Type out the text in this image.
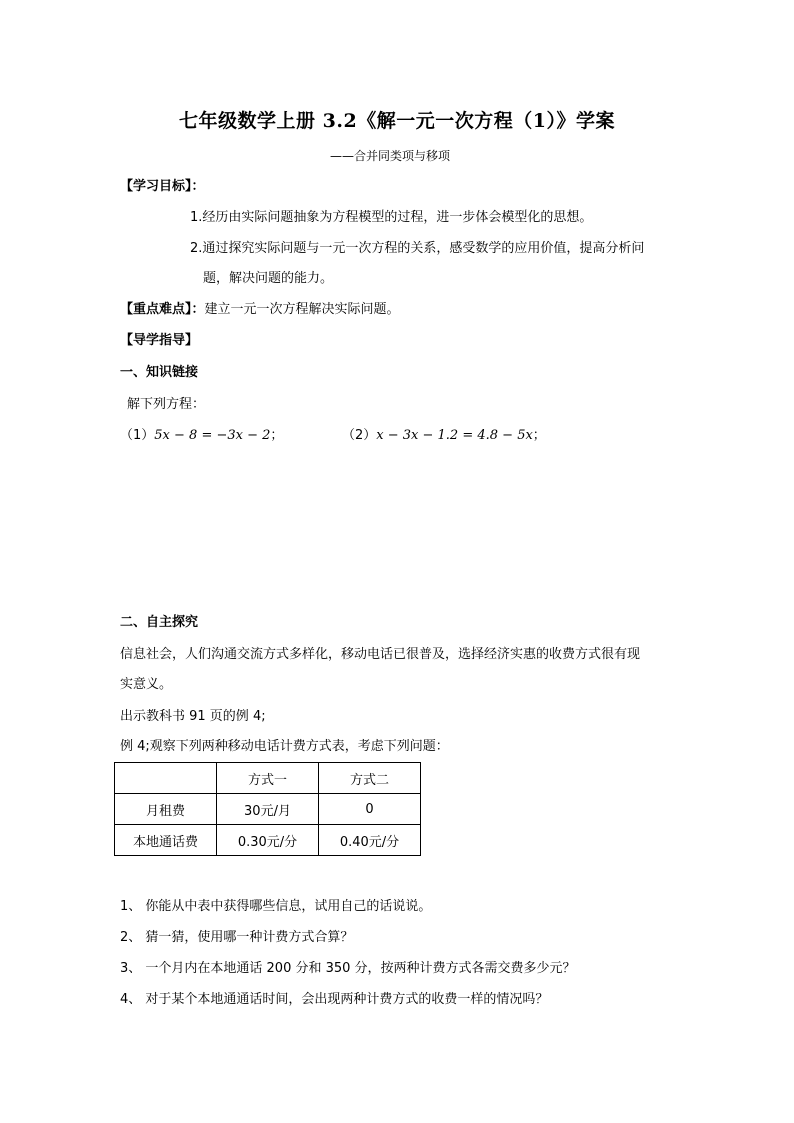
七年级数学上册 3.2《解一元一次方程（1）》学案
——合并同类项与移项
【学习目标】：
1.经历由实际问题抽象为方程模型的过程，进一步体会模型化的思想。
2.通过探究实际问题与一元一次方程的关系，感受数学的应用价值，提高分析问
题，解决问题的能力。
【重点难点】：建立一元一次方程解决实际问题。
【导学指导】
一、知识链接
解下列方程：
（1）5x − 8 = −3x − 2；	（2）x − 3x − 1.2 = 4.8 − 5x；
二、自主探究
信息社会，人们沟通交流方式多样化，移动电话已很普及，选择经济实惠的收费方式很有现
实意义。
出示教科书 91 页的例 4;
例 4;观察下列两种移动电话计费方式表，考虑下列问题：
	方式一	方式二
月租费	30元/月	0
本地通话费	0.30元/分	0.40元/分
1、 你能从中表中获得哪些信息，试用自己的话说说。
2、 猜一猜，使用哪一种计费方式合算？
3、 一个月内在本地通话 200 分和 350 分，按两种计费方式各需交费多少元？
4、 对于某个本地通通话时间，会出现两种计费方式的收费一样的情况吗？
